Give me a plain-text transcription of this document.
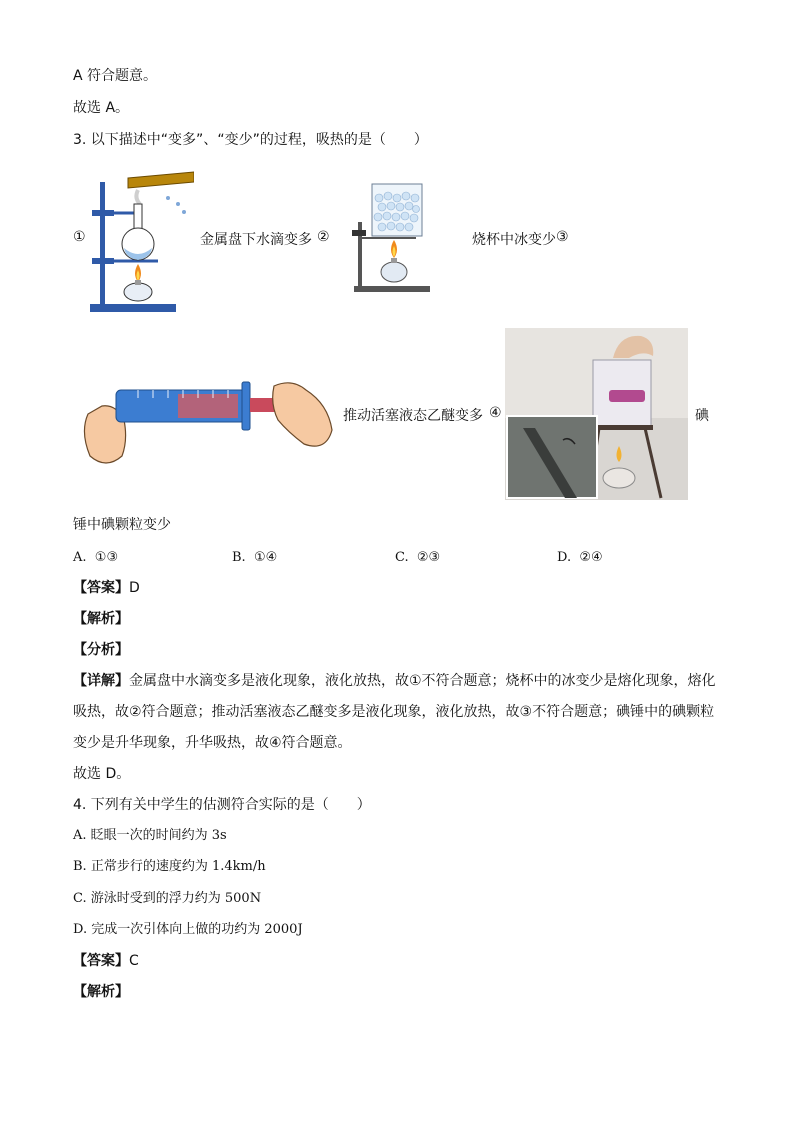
A 符合题意。
故选 A。
3. 以下描述中“变多”、“变少”的过程，吸热的是（　　）
①	金属盘下水滴变多 ②	烧杯中冰变少 ③
推动活塞液态乙醚变多 ④	碘
锤中碘颗粒变少
A. ①③	B. ①④	C. ②③	D. ②④
【答案】D
【解析】
【分析】
【详解】金属盘中水滴变多是液化现象，液化放热，故①不符合题意；烧杯中的冰变少是熔化现象，熔化
吸热，故②符合题意；推动活塞液态乙醚变多是液化现象，液化放热，故③不符合题意；碘锤中的碘颗粒
变少是升华现象，升华吸热，故④符合题意。
故选 D。
4. 下列有关中学生的估测符合实际的是（　　）
A. 眨眼一次的时间约为 3s
B. 正常步行的速度约为 1.4km/h
C. 游泳时受到的浮力约为 500N
D. 完成一次引体向上做的功约为 2000J
【答案】C
【解析】
